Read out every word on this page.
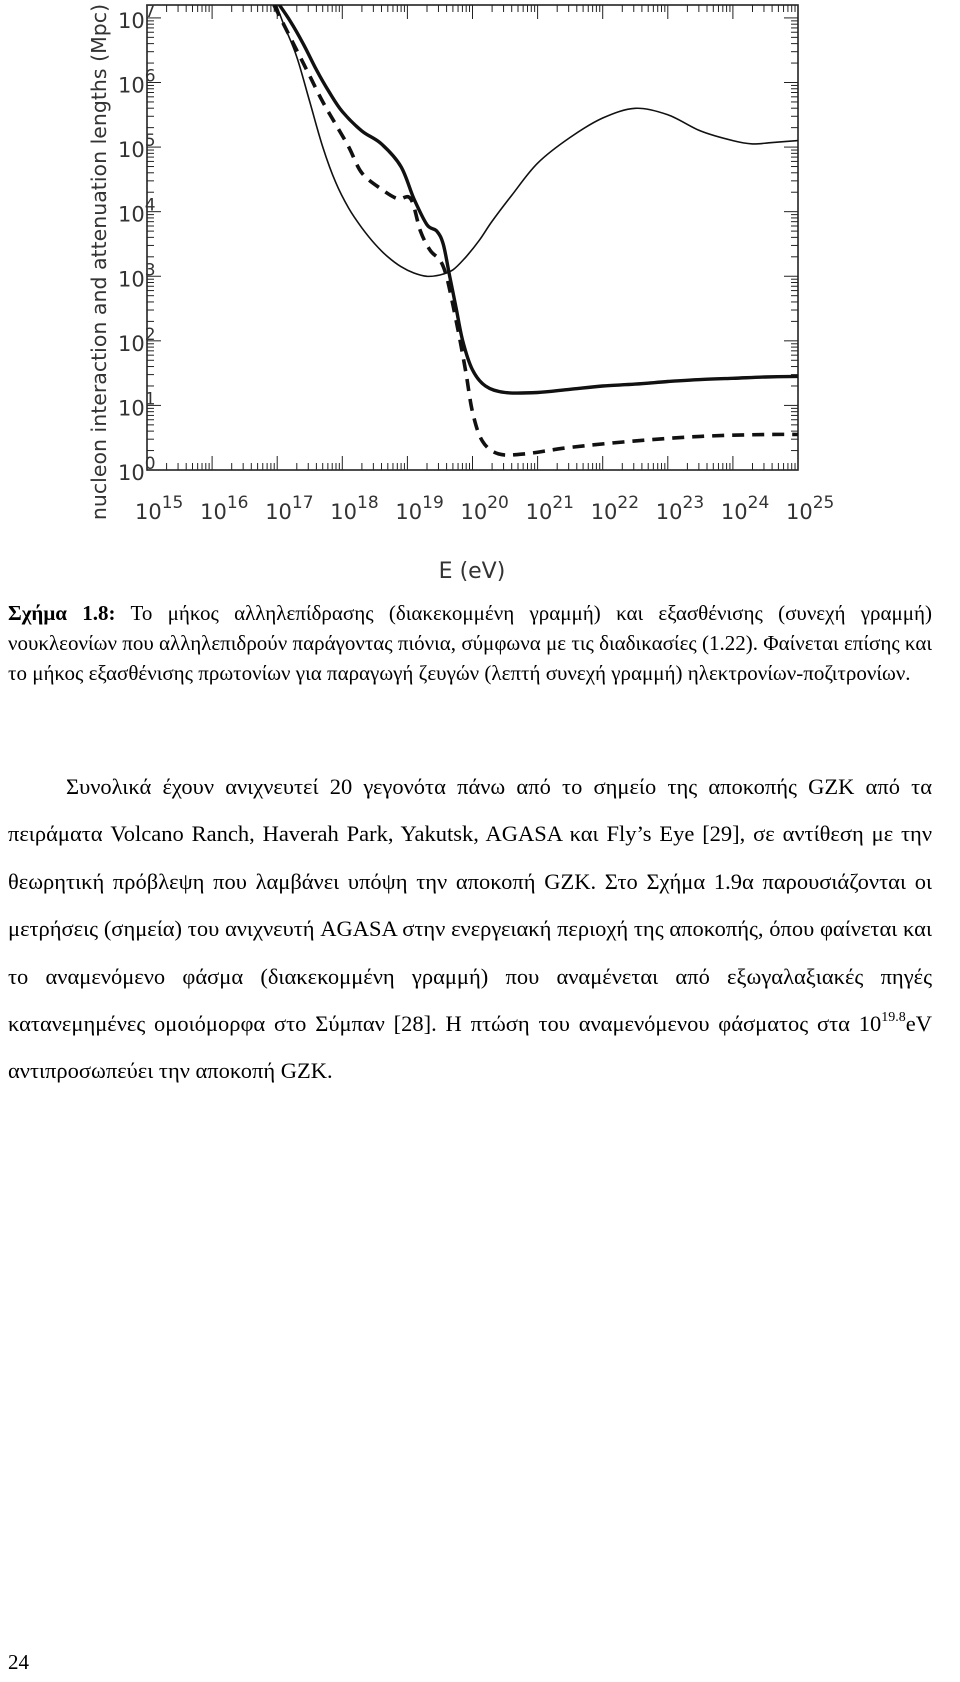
$10^{15}$ $10^{16}$ $10^{17}$ $10^{18}$ $10^{19}$ $10^{20}$ $10^{21}$ $10^{22}$ $10^{23}$ $10^{24}$ $10^{25}$
$10^0$
$10^1$
$10^2$
$10^3$
$10^4$
$10^5$
$10^6$
$10^7$
E (eV)
nucleon interaction and attenuation lengths (Mpc)
Σχήμα 1.8: Το μήκος αλληλεπίδρασης (διακεκομμένη γραμμή) και εξασθένισης (συνεχή γραμμή) νουκλεονίων που αλληλεπιδρούν παράγοντας πιόνια, σύμφωνα με τις διαδικασίες (1.22). Φαίνεται επίσης και το μήκος εξασθένισης πρωτονίων για παραγωγή ζευγών (λεπτή συνεχή γραμμή) ηλεκτρονίων-ποζιτρονίων.

Συνολικά έχουν ανιχνευτεί 20 γεγονότα πάνω από το σημείο της αποκοπής GZK από τα πειράματα Volcano Ranch, Haverah Park, Yakutsk, AGASA και Fly’s Eye [29], σε αντίθεση με την θεωρητική πρόβλεψη που λαμβάνει υπόψη την αποκοπή GZK. Στο Σχήμα 1.9α παρουσιάζονται οι μετρήσεις (σημεία) του ανιχνευτή AGASA στην ενεργειακή περιοχή της αποκοπής, όπου φαίνεται και το αναμενόμενο φάσμα (διακεκομμένη γραμμή) που αναμένεται από εξωγαλαξιακές πηγές κατανεμημένες ομοιόμορφα στο Σύμπαν [28]. Η πτώση του αναμενόμενου φάσματος στα $10^{19.8}eV$ αντιπροσωπεύει την αποκοπή GZK.

24
